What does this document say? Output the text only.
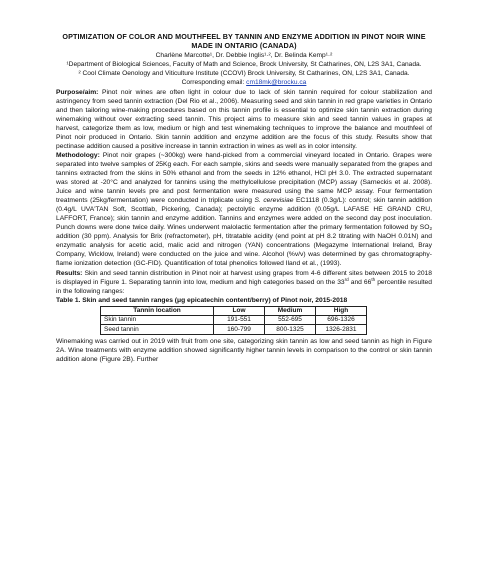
OPTIMIZATION OF COLOR AND MOUTHFEEL BY TANNIN AND ENZYME ADDITION IN PINOT NOIR WINE MADE IN ONTARIO (CANADA)

Charlène Marcotte¹, Dr. Debbie Inglis¹·², Dr. Belinda Kemp¹·²

¹Department of Biological Sciences, Faculty of Math and Science, Brock University, St Catharines, ON, L2S 3A1, Canada.

² Cool Climate Oenology and Viticulture Institute (CCOVI) Brock University, St Catharines, ON, L2S 3A1, Canada.

Corresponding email: cm18mk@brocku.ca

Purpose/aim: Pinot noir wines are often light in colour due to lack of skin tannin required for colour stabilization and astringency from seed tannin extraction (Del Rio et al., 2006). Measuring seed and skin tannin in red grape varieties in Ontario and then tailoring wine-making procedures based on this tannin profile is essential to optimize skin tannin extraction during winemaking without over extracting seed tannin. This project aims to measure skin and seed tannin values in grapes at harvest, categorize them as low, medium or high and test winemaking techniques to improve the balance and mouthfeel of Pinot noir produced in Ontario. Skin tannin addition and enzyme addition are the focus of this study. Results show that pectinase addition caused a positive increase in tannin extraction in wines as well as in color intensity.

Methodology: Pinot noir grapes (~300kg) were hand-picked from a commercial vineyard located in Ontario. Grapes were separated into twelve samples of 25Kg each. For each sample, skins and seeds were manually separated from the grapes and tannins extracted from the skins in 50% ethanol and from the seeds in 12% ethanol, HCl pH 3.0. The extracted supernatant was stored at -20°C and analyzed for tannins using the methylcellulose precipitation (MCP) assay (Sarneckis et al. 2008). Juice and wine tannin levels pre and post fermentation were measured using the same MCP assay. Four fermentation treatments (25kg/fermentation) were conducted in triplicate using S. cerevisiae EC1118 (0.3g/L): control; skin tannin addition (0.4g/L UVA'TAN Soft, Scottlab, Pickering, Canada); pectolytic enzyme addition (0.05g/L LAFASE HE GRAND CRU, LAFFORT, France); skin tannin and enzyme addition. Tannins and enzymes were added on the second day post inoculation. Punch downs were done twice daily. Wines underwent malolactic fermentation after the primary fermentation followed by $SO_2$ addition (30 ppm). Analysis for Brix (refractometer), pH, titratable acidity (end point at pH 8.2 titrating with NaOH 0.01N) and enzymatic analysis for acetic acid, malic acid and nitrogen (YAN) concentrations (Megazyme International Ireland, Bray Company, Wicklow, Ireland) were conducted on the juice and wine. Alcohol (%v/v) was determined by gas chromatography-flame ionization detection (GC-FID). Quantification of total phenolics followed Iland et al., (1993).

Results: Skin and seed tannin distribution in Pinot noir at harvest using grapes from 4-6 different sites between 2015 to 2018 is displayed in Figure 1. Separating tannin into low, medium and high categories based on the 33rd and 66th percentile resulted in the following ranges:

Table 1. Skin and seed tannin ranges (μg epicatechin content/berry) of Pinot noir, 2015-2018

Tannin location	Low	Medium	High
Skin tannin	191-551	552-695	696-1326
Seed tannin	160-799	800-1325	1326-2831

Winemaking was carried out in 2019 with fruit from one site, categorizing skin tannin as low and seed tannin as high in Figure 2A. Wine treatments with enzyme addition showed significantly higher tannin levels in comparison to the control or skin tannin addition alone (Figure 2B). Further
